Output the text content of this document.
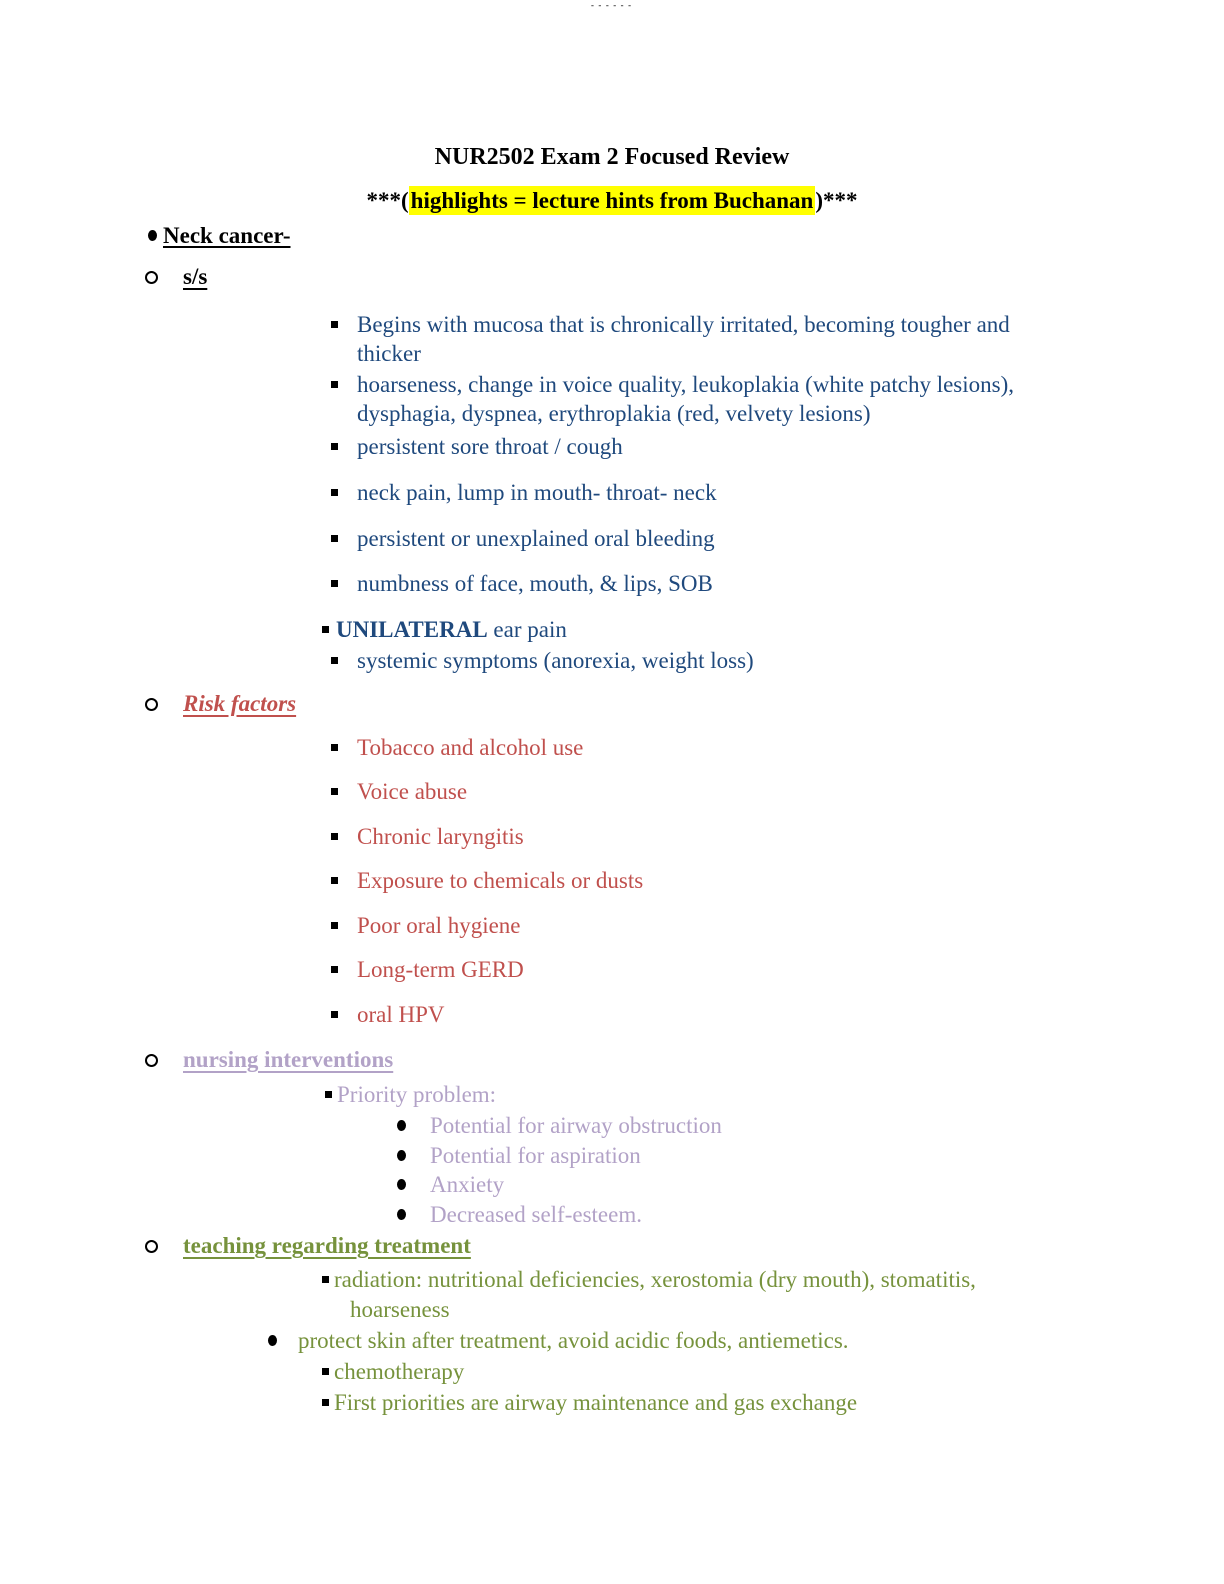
------
NUR2502 Exam 2 Focused Review
***(highlights = lecture hints from Buchanan)***
Neck cancer-
s/s
Begins with mucosa that is chronically irritated, becoming tougher and
thicker
hoarseness, change in voice quality, leukoplakia (white patchy lesions),
dysphagia, dyspnea, erythroplakia (red, velvety lesions)
persistent sore throat / cough
neck pain, lump in mouth- throat- neck
persistent or unexplained oral bleeding
numbness of face, mouth, & lips, SOB
UNILATERAL ear pain
systemic symptoms (anorexia, weight loss)
Risk factors
Tobacco and alcohol use
Voice abuse
Chronic laryngitis
Exposure to chemicals or dusts
Poor oral hygiene
Long-term GERD
oral HPV
nursing interventions
Priority problem:
Potential for airway obstruction
Potential for aspiration
Anxiety
Decreased self-esteem.
teaching regarding treatment
radiation: nutritional deficiencies, xerostomia (dry mouth), stomatitis,
hoarseness
protect skin after treatment, avoid acidic foods, antiemetics.
chemotherapy
First priorities are airway maintenance and gas exchange
